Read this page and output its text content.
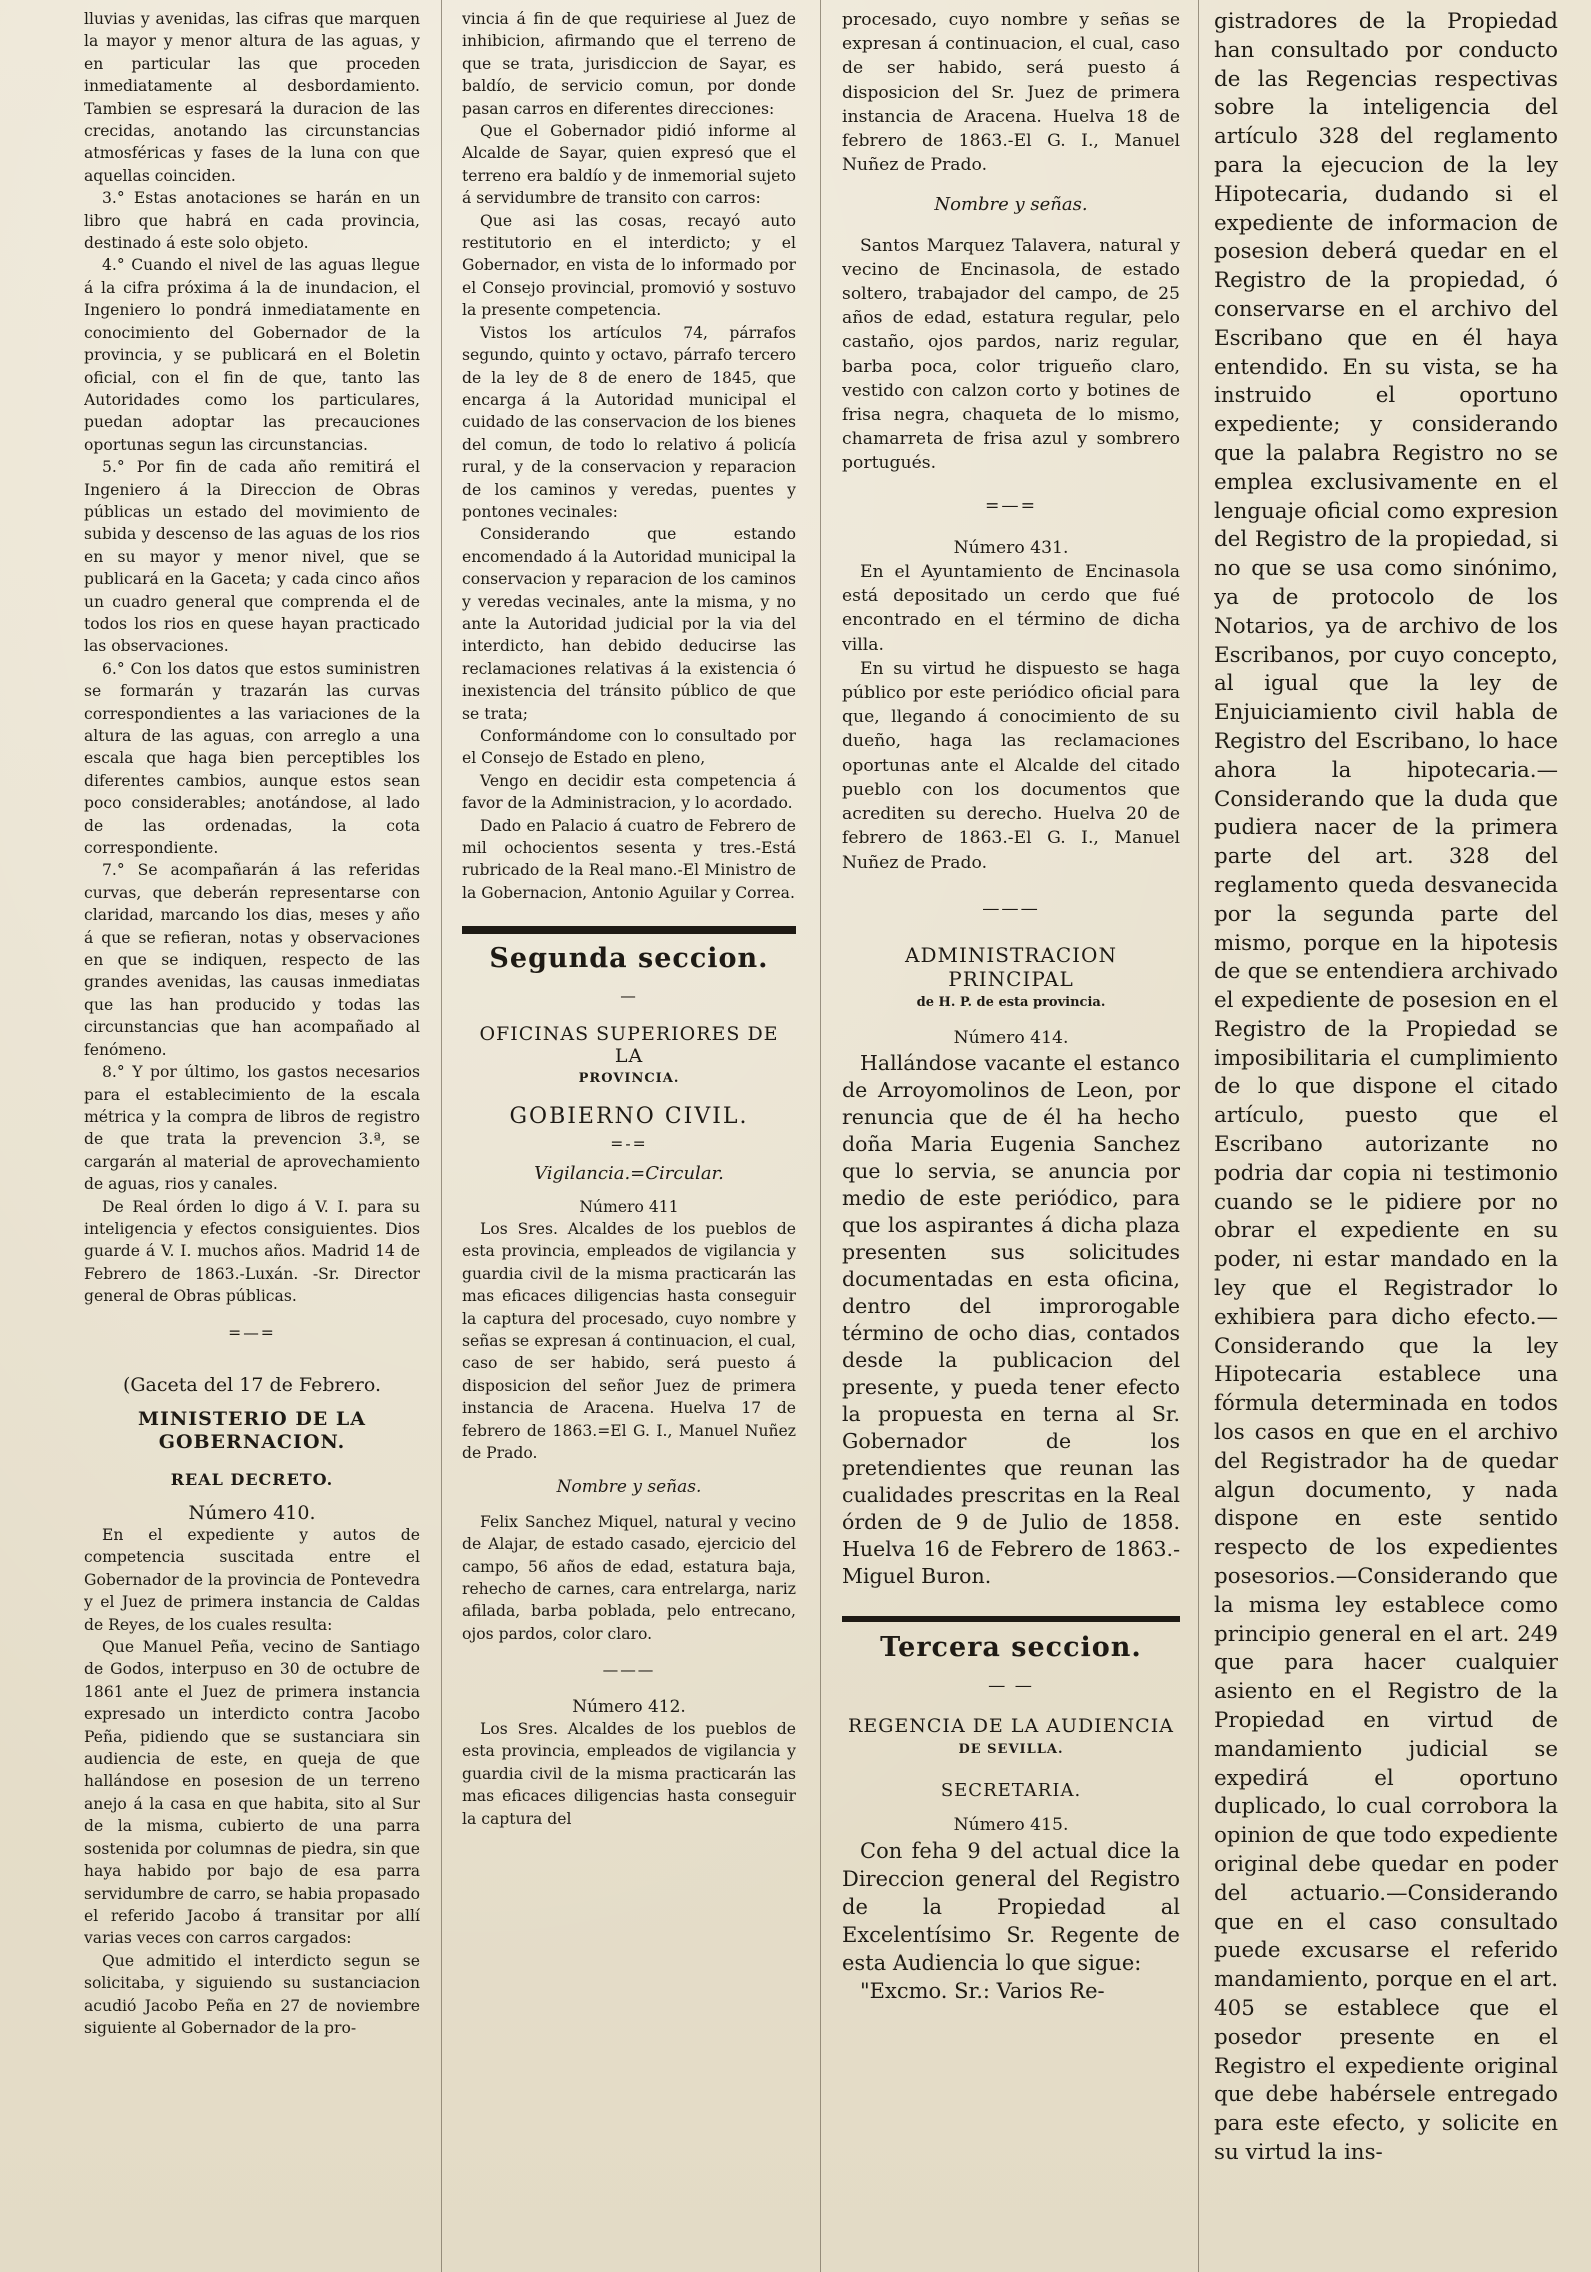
lluvias y avenidas, las cifras que marquen la mayor y menor altura de las aguas, y en particular las que proceden inmediatamente al desbordamiento. Tambien se espresará la duracion de las crecidas, anotando las circunstancias atmosféricas y fases de la luna con que aquellas coinciden.

3.° Estas anotaciones se harán en un libro que habrá en cada provincia, destinado á este solo objeto.

4.° Cuando el nivel de las aguas llegue á la cifra próxima á la de inundacion, el Ingeniero lo pondrá inmediatamente en conocimiento del Gobernador de la provincia, y se publicará en el Boletin oficial, con el fin de que, tanto las Autoridades como los particulares, puedan adoptar las precauciones oportunas segun las circunstancias.

5.° Por fin de cada año remitirá el Ingeniero á la Direccion de Obras públicas un estado del movimiento de subida y descenso de las aguas de los rios en su mayor y menor nivel, que se publicará en la Gaceta; y cada cinco años un cuadro general que comprenda el de todos los rios en quese hayan practicado las observaciones.

6.° Con los datos que estos suministren se formarán y trazarán las curvas correspondientes a las variaciones de la altura de las aguas, con arreglo a una escala que haga bien perceptibles los diferentes cambios, aunque estos sean poco considerables; anotándose, al lado de las ordenadas, la cota correspondiente.

7.° Se acompañarán á las referidas curvas, que deberán representarse con claridad, marcando los dias, meses y año á que se refieran, notas y observaciones en que se indiquen, respecto de las grandes avenidas, las causas inmediatas que las han producido y todas las circunstancias que han acompañado al fenómeno.

8.° Y por último, los gastos necesarios para el establecimiento de la escala métrica y la compra de libros de registro de que trata la prevencion 3.ª, se cargarán al material de aprovechamiento de aguas, rios y canales.

De Real órden lo digo á V. I. para su inteligencia y efectos consiguientes. Dios guarde á V. I. muchos años. Madrid 14 de Febrero de 1863.-Luxán. -Sr. Director general de Obras públicas.

=—=
(Gaceta del 17 de Febrero.
MINISTERIO DE LA GOBERNACION.
REAL DECRETO.
Número 410.

En el expediente y autos de competencia suscitada entre el Gobernador de la provincia de Pontevedra y el Juez de primera instancia de Caldas de Reyes, de los cuales resulta:

Que Manuel Peña, vecino de Santiago de Godos, interpuso en 30 de octubre de 1861 ante el Juez de primera instancia expresado un interdicto contra Jacobo Peña, pidiendo que se sustanciara sin audiencia de este, en queja de que hallándose en posesion de un terreno anejo á la casa en que habita, sito al Sur de la misma, cubierto de una parra sostenida por columnas de piedra, sin que haya habido por bajo de esa parra servidumbre de carro, se habia propasado el referido Jacobo á transitar por allí varias veces con carros cargados:

Que admitido el interdicto segun se solicitaba, y siguiendo su sustanciacion acudió Jacobo Peña en 27 de noviembre siguiente al Gobernador de la pro-

vincia á fin de que requiriese al Juez de inhibicion, afirmando que el terreno de que se trata, jurisdiccion de Sayar, es baldío, de servicio comun, por donde pasan carros en diferentes direcciones:

Que el Gobernador pidió informe al Alcalde de Sayar, quien expresó que el terreno era baldío y de inmemorial sujeto á servidumbre de transito con carros:

Que asi las cosas, recayó auto restitutorio en el interdicto; y el Gobernador, en vista de lo informado por el Consejo provincial, promovió y sostuvo la presente competencia.

Vistos los artículos 74, párrafos segundo, quinto y octavo, párrafo tercero de la ley de 8 de enero de 1845, que encarga á la Autoridad municipal el cuidado de las conservacion de los bienes del comun, de todo lo relativo á policía rural, y de la conservacion y reparacion de los caminos y veredas, puentes y pontones vecinales:

Considerando que estando encomendado á la Autoridad municipal la conservacion y reparacion de los caminos y veredas vecinales, ante la misma, y no ante la Autoridad judicial por la via del interdicto, han debido deducirse las reclamaciones relativas á la existencia ó inexistencia del tránsito público de que se trata;

Conformándome con lo consultado por el Consejo de Estado en pleno,

Vengo en decidir esta competencia á favor de la Administracion, y lo acordado.

Dado en Palacio á cuatro de Febrero de mil ochocientos sesenta y tres.-Está rubricado de la Real mano.-El Ministro de la Gobernacion, Antonio Aguilar y Correa.

Segunda seccion.
—
OFICINAS SUPERIORES DE LA
PROVINCIA.
GOBIERNO CIVIL.
=-=
Vigilancia.=Circular.
Número 411

Los Sres. Alcaldes de los pueblos de esta provincia, empleados de vigilancia y guardia civil de la misma practicarán las mas eficaces diligencias hasta conseguir la captura del procesado, cuyo nombre y señas se expresan á continuacion, el cual, caso de ser habido, será puesto á disposicion del señor Juez de primera instancia de Aracena. Huelva 17 de febrero de 1863.=El G. I., Manuel Nuñez de Prado.

Nombre y señas.

Felix Sanchez Miquel, natural y vecino de Alajar, de estado casado, ejercicio del campo, 56 años de edad, estatura baja, rehecho de carnes, cara entrelarga, nariz afilada, barba poblada, pelo entrecano, ojos pardos, color claro.

———
Número 412.

Los Sres. Alcaldes de los pueblos de esta provincia, empleados de vigilancia y guardia civil de la misma practicarán las mas eficaces diligencias hasta conseguir la captura del

procesado, cuyo nombre y señas se expresan á continuacion, el cual, caso de ser habido, será puesto á disposicion del Sr. Juez de primera instancia de Aracena. Huelva 18 de febrero de 1863.-El G. I., Manuel Nuñez de Prado.

Nombre y señas.

Santos Marquez Talavera, natural y vecino de Encinasola, de estado soltero, trabajador del campo, de 25 años de edad, estatura regular, pelo castaño, ojos pardos, nariz regular, barba poca, color trigueño claro, vestido con calzon corto y botines de frisa negra, chaqueta de lo mismo, chamarreta de frisa azul y sombrero portugués.

=—=
Número 431.

En el Ayuntamiento de Encinasola está depositado un cerdo que fué encontrado en el término de dicha villa.

En su virtud he dispuesto se haga público por este periódico oficial para que, llegando á conocimiento de su dueño, haga las reclamaciones oportunas ante el Alcalde del citado pueblo con los documentos que acrediten su derecho. Huelva 20 de febrero de 1863.-El G. I., Manuel Nuñez de Prado.

———
ADMINISTRACION PRINCIPAL
de H. P. de esta provincia.
Número 414.

Hallándose vacante el estanco de Arroyomolinos de Leon, por renuncia que de él ha hecho doña Maria Eugenia Sanchez que lo servia, se anuncia por medio de este periódico, para que los aspirantes á dicha plaza presenten sus solicitudes documentadas en esta oficina, dentro del improrogable término de ocho dias, contados desde la publicacion del presente, y pueda tener efecto la propuesta en terna al Sr. Gobernador de los pretendientes que reunan las cualidades prescritas en la Real órden de 9 de Julio de 1858. Huelva 16 de Febrero de 1863.-Miguel Buron.

Tercera seccion.
— —
REGENCIA DE LA AUDIENCIA
DE SEVILLA.
SECRETARIA.
Número 415.

Con feha 9 del actual dice la Direccion general del Registro de la Propiedad al Excelentísimo Sr. Regente de esta Audiencia lo que sigue:

"Excmo. Sr.: Varios Re-

gistradores de la Propiedad han consultado por conducto de las Regencias respectivas sobre la inteligencia del artículo 328 del reglamento para la ejecucion de la ley Hipotecaria, dudando si el expediente de informacion de posesion deberá quedar en el Registro de la propiedad, ó conservarse en el archivo del Escribano que en él haya entendido. En su vista, se ha instruido el oportuno expediente; y considerando que la palabra Registro no se emplea exclusivamente en el lenguaje oficial como expresion del Registro de la propiedad, si no que se usa como sinónimo, ya de protocolo de los Notarios, ya de archivo de los Escribanos, por cuyo concepto, al igual que la ley de Enjuiciamiento civil habla de Registro del Escribano, lo hace ahora la hipotecaria.—Considerando que la duda que pudiera nacer de la primera parte del art. 328 del reglamento queda desvanecida por la segunda parte del mismo, porque en la hipotesis de que se entendiera archivado el expediente de posesion en el Registro de la Propiedad se imposibilitaria el cumplimiento de lo que dispone el citado artículo, puesto que el Escribano autorizante no podria dar copia ni testimonio cuando se le pidiere por no obrar el expediente en su poder, ni estar mandado en la ley que el Registrador lo exhibiera para dicho efecto.—Considerando que la ley Hipotecaria establece una fórmula determinada en todos los casos en que en el archivo del Registrador ha de quedar algun documento, y nada dispone en este sentido respecto de los expedientes posesorios.—Considerando que la misma ley establece como principio general en el art. 249 que para hacer cualquier asiento en el Registro de la Propiedad en virtud de mandamiento judicial se expedirá el oportuno duplicado, lo cual corrobora la opinion de que todo expediente original debe quedar en poder del actuario.—Considerando que en el caso consultado puede excusarse el referido mandamiento, porque en el art. 405 se establece que el posedor presente en el Registro el expediente original que debe habérsele entregado para este efecto, y solicite en su virtud la ins-
